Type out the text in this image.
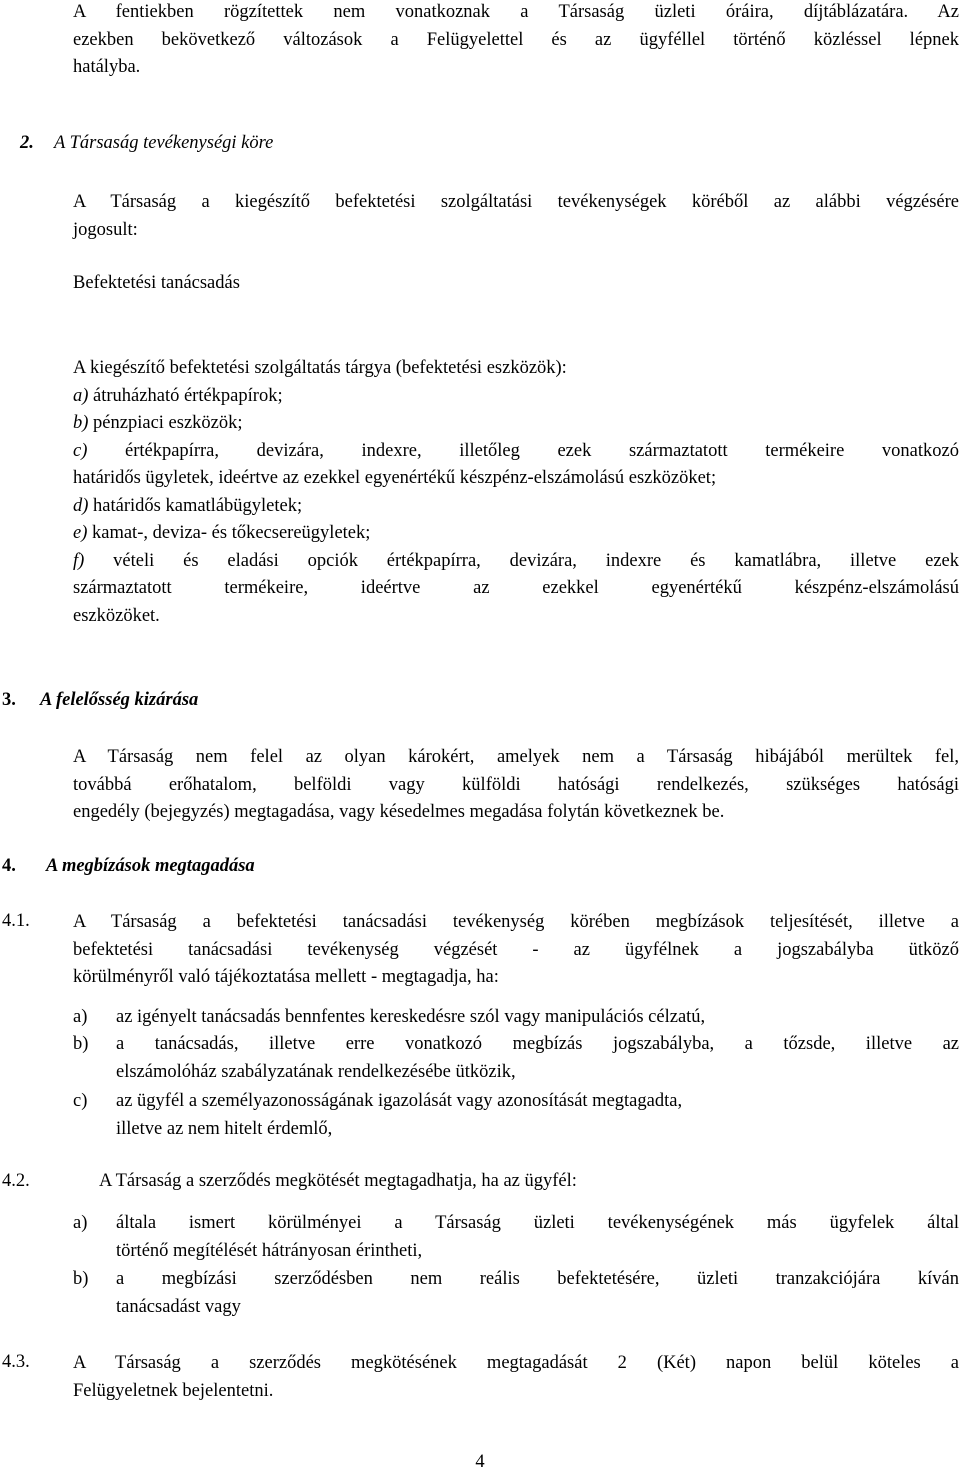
A fentiekben rögzítettek nem vonatkoznak a Társaság üzleti óráira, díjtáblázatára. Az
ezekben bekövetkező változások a Felügyelettel és az ügyféllel történő közléssel lépnek
hatályba.
2. A Társaság tevékenységi köre
A Társaság a kiegészítő befektetési szolgáltatási tevékenységek köréből az alábbi végzésére
jogosult:
Befektetési tanácsadás
A kiegészítő befektetési szolgáltatás tárgya (befektetési eszközök):
a) átruházható értékpapírok;
b) pénzpiaci eszközök;
c) értékpapírra, devizára, indexre, illetőleg ezek származtatott termékeire vonatkozó
határidős ügyletek, ideértve az ezekkel egyenértékű készpénz-elszámolású eszközöket;
d) határidős kamatlábügyletek;
e) kamat-, deviza- és tőkecsereügyletek;
f) vételi és eladási opciók értékpapírra, devizára, indexre és kamatlábra, illetve ezek
származtatott termékeire, ideértve az ezekkel egyenértékű készpénz-elszámolású
eszközöket.
3. A felelősség kizárása
A Társaság nem felel az olyan károkért, amelyek nem a Társaság hibájából merültek fel,
továbbá erőhatalom, belföldi vagy külföldi hatósági rendelkezés, szükséges hatósági
engedély (bejegyzés) megtagadása, vagy késedelmes megadása folytán következnek be.
4. A megbízások megtagadása
4.1. A Társaság a befektetési tanácsadási tevékenység körében megbízások teljesítését, illetve a
befektetési tanácsadási tevékenység végzését - az ügyfélnek a jogszabályba ütköző
körülményről való tájékoztatása mellett - megtagadja, ha:
a) az igényelt tanácsadás bennfentes kereskedésre szól vagy manipulációs célzatú,
b) a tanácsadás, illetve erre vonatkozó megbízás jogszabályba, a tőzsde, illetve az
elszámolóház szabályzatának rendelkezésébe ütközik,
c) az ügyfél a személyazonosságának igazolását vagy azonosítását megtagadta,
illetve az nem hitelt érdemlő,
4.2.	A Társaság a szerződés megkötését megtagadhatja, ha az ügyfél:
a) általa ismert körülményei a Társaság üzleti tevékenységének más ügyfelek által
történő megítélését hátrányosan érintheti,
b) a megbízási szerződésben nem reális befektetésére, üzleti tranzakciójára kíván
tanácsadást vagy
4.3. A Társaság a szerződés megkötésének megtagadását 2 (Két) napon belül köteles a
Felügyeletnek bejelentetni.
4
